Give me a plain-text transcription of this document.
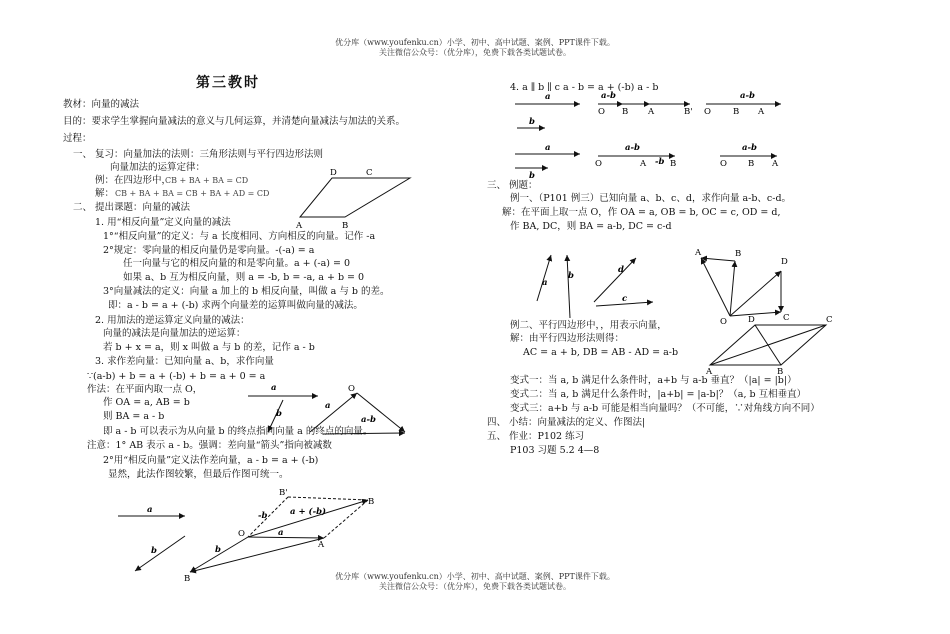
优分库（www.youfenku.cn）小学、初中、高中试题、案例、PPT课件下载。
关注微信公众号：（优分库），免费下载各类试题试卷。
优分库（www.youfenku.cn）小学、初中、高中试题、案例、PPT课件下载。
关注微信公众号：（优分库），免费下载各类试题试卷。
第三教时
教材：向量的减法
目的：要求学生掌握向量减法的意义与几何运算，并清楚向量减法与加法的关系。
过程：
一、 复习：向量加法的法则：三角形法则与平行四边形法则
向量加法的运算定律：
例：在四边形中，
解：
CB + BA + BA = CD
CB + BA + BA = CB + BA + AD = CD
二、 提出课题：向量的减法
1. 用“相反向量”定义向量的减法
1°“相反向量”的定义：与 a 长度相同、方向相反的向量。记作 -a
2°规定：零向量的相反向量仍是零向量。-(-a) = a
任一向量与它的相反向量的和是零向量。a + (-a) = 0
如果 a、b 互为相反向量，则 a = -b, b = -a, a + b = 0
3°向量减法的定义：向量 a 加上的 b 相反向量，叫做 a 与 b 的差。
即：a - b = a + (-b) 求两个向量差的运算叫做向量的减法。
2. 用加法的逆运算定义向量的减法：
向量的减法是向量加法的逆运算：
若 b + x = a，则 x 叫做 a 与 b 的差，记作 a - b
3. 求作差向量：已知向量 a、b，求作向量
∵(a-b) + b = a + (-b) + b = a + 0 = a
作法：在平面内取一点 O，
作 OA = a, AB = b
则 BA = a - b
即 a - b 可以表示为从向量 b 的终点指向向量 a 的终点的向量。
注意：1° AB 表示 a - b。强调：差向量“箭头”指向被减数
2°用“相反向量”定义法作差向量，a - b = a + (-b)
显然，此法作图较繁，但最后作图可统一。
4. a ∥ b ∥ c a - b = a + (-b) a - b
三、 例题：
例一、（P101 例三）已知向量 a、b、c、d，求作向量 a-b、c-d。
解：在平面上取一点 O，作 OA = a, OB = b, OC = c, OD = d,
作 BA, DC，则 BA = a-b, DC = c-d
例二、平行四边形中，，用表示向量，
解：由平行四边形法则得：
AC = a + b, DB = AB - AD = a-b
变式一：当 a, b 满足什么条件时，a+b 与 a-b 垂直？（|a| = |b|）
变式二：当 a, b 满足什么条件时，|a+b| = |a-b|？（a, b 互相垂直）
变式三：a+b 与 a-b 可能是相当向量吗？（不可能，∵对角线方向不同）
四、 小结：向量减法的定义、作图法|
五、 作业：P102 练习
P103 习题 5.2 4—8
A	B
C
D
a
b
O
a
a-b
a
b
O
A
B
B'
B
-b	a + (-b)
a
b
a	a-b
O B A	B'
a-b
O	B A
b
a
b
a-b
O	A -b B
a-b
O B A
a
b
d
c
A	B
D
C
O
A	B
D	C
